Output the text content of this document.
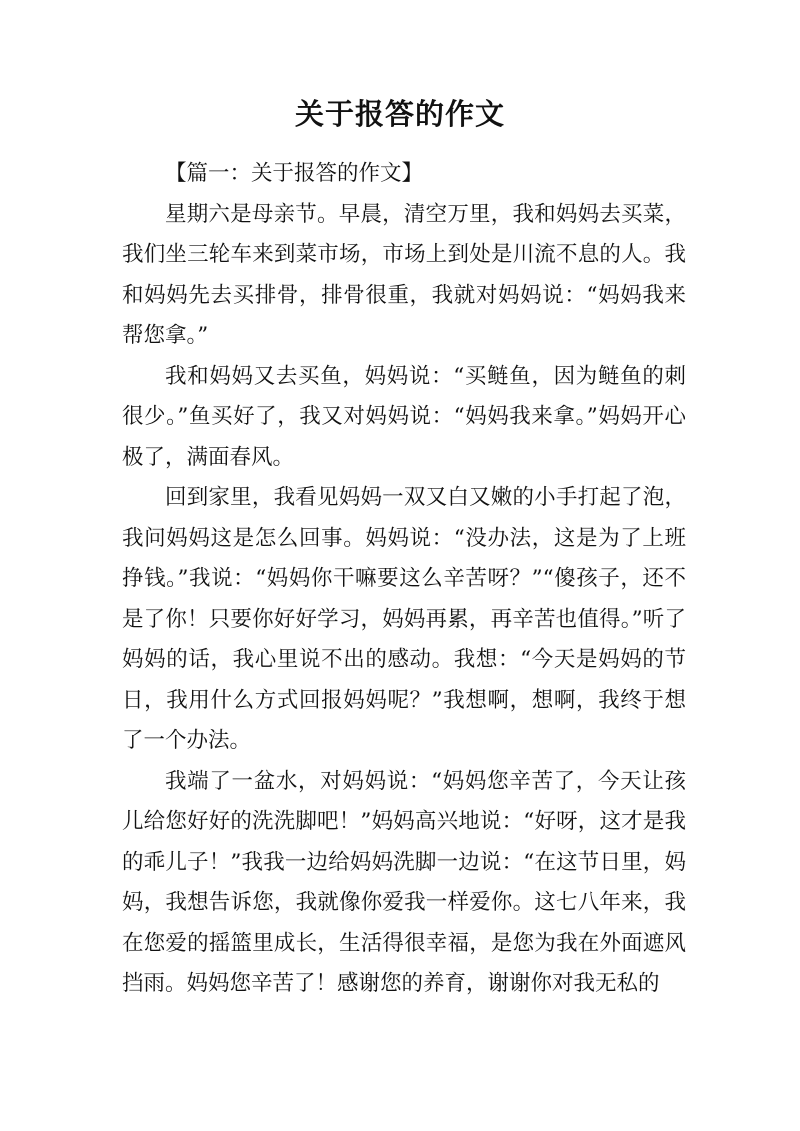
关于报答的作文

【篇一：关于报答的作文】

星期六是母亲节。早晨，清空万里，我和妈妈去买菜，我们坐三轮车来到菜市场，市场上到处是川流不息的人。我和妈妈先去买排骨，排骨很重，我就对妈妈说：“妈妈我来帮您拿。”

我和妈妈又去买鱼，妈妈说：“买鲢鱼，因为鲢鱼的刺很少。”鱼买好了，我又对妈妈说：“妈妈我来拿。”妈妈开心极了，满面春风。

回到家里，我看见妈妈一双又白又嫩的小手打起了泡，我问妈妈这是怎么回事。妈妈说：“没办法，这是为了上班挣钱。”我说：“妈妈你干嘛要这么辛苦呀？”“傻孩子，还不是了你！只要你好好学习，妈妈再累，再辛苦也值得。”听了妈妈的话，我心里说不出的感动。我想：“今天是妈妈的节日，我用什么方式回报妈妈呢？”我想啊，想啊，我终于想了一个办法。

我端了一盆水，对妈妈说：“妈妈您辛苦了，今天让孩儿给您好好的洗洗脚吧！”妈妈高兴地说：“好呀，这才是我的乖儿子！”我我一边给妈妈洗脚一边说：“在这节日里，妈妈，我想告诉您，我就像你爱我一样爱你。这七八年来，我在您爱的摇篮里成长，生活得很幸福，是您为我在外面遮风挡雨。妈妈您辛苦了！感谢您的养育，谢谢你对我无私的
